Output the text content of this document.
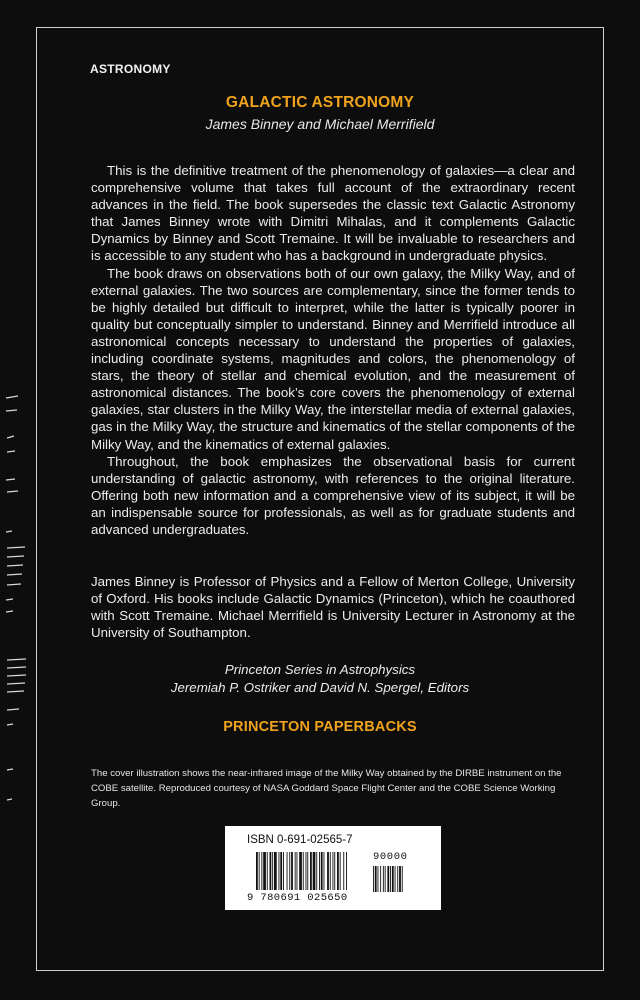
ASTRONOMY
GALACTIC ASTRONOMY
James Binney and Michael Merrifield

This is the definitive treatment of the phenomenology of galaxies—a clear and comprehensive volume that takes full account of the extraordinary recent advances in the field. The book supersedes the classic text Galactic Astronomy that James Binney wrote with Dimitri Mihalas, and it complements Galactic Dynamics by Binney and Scott Tremaine. It will be invaluable to researchers and is accessible to any student who has a background in undergraduate physics.

The book draws on observations both of our own galaxy, the Milky Way, and of external galaxies. The two sources are complementary, since the former tends to be highly detailed but difficult to interpret, while the latter is typically poorer in quality but conceptually simpler to understand. Binney and Merrifield introduce all astronomical concepts necessary to understand the properties of galaxies, including coordinate systems, magnitudes and colors, the phenomenology of stars, the theory of stellar and chemical evolution, and the measurement of astronomical distances. The book’s core covers the phenomenology of external galaxies, star clusters in the Milky Way, the interstellar media of external galaxies, gas in the Milky Way, the structure and kinematics of the stellar components of the Milky Way, and the kinematics of external galaxies.

Throughout, the book emphasizes the observational basis for current understanding of galactic astronomy, with references to the original literature. Offering both new information and a comprehensive view of its subject, it will be an indispensable source for professionals, as well as for graduate students and advanced undergraduates.

James Binney is Professor of Physics and a Fellow of Merton College, University of Oxford. His books include Galactic Dynamics (Princeton), which he coauthored with Scott Tremaine. Michael Merrifield is University Lecturer in Astronomy at the University of Southampton.
Princeton Series in Astrophysics
Jeremiah P. Ostriker and David N. Spergel, Editors
PRINCETON PAPERBACKS
The cover illustration shows the near-infrared image of the Milky Way obtained by the DIRBE instrument on the COBE satellite. Reproduced courtesy of NASA Goddard Space Flight Center and the COBE Science Working Group.
ISBN 0-691-02565-7
90000
9 780691 025650
